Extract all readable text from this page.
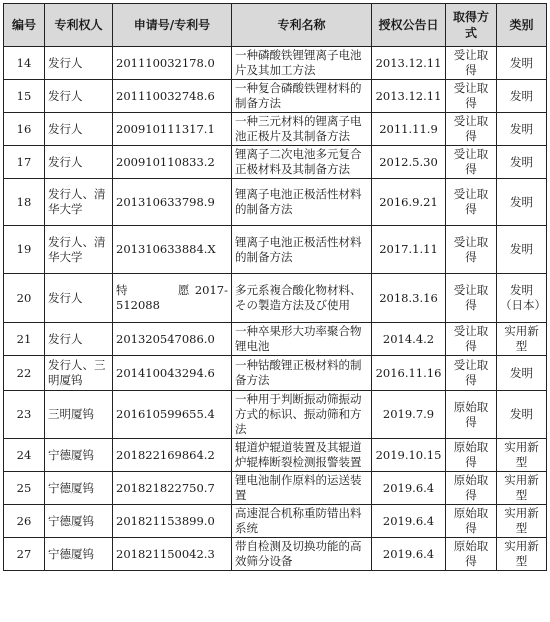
编号	专利权人	申请号/专利号	专利名称	授权公告日	取得方式	类别
14	发行人	201110032178.0	一种磷酸铁锂锂离子电池片及其加工方法	2013.12.11	受让取得	发明
15	发行人	201110032748.6	一种复合磷酸铁锂材料的制备方法	2013.12.11	受让取得	发明
16	发行人	200910111317.1	一种三元材料的锂离子电池正极片及其制备方法	2011.11.9	受让取得	发明
17	发行人	200910110833.2	锂离子二次电池多元复合正极材料及其制备方法	2012.5.30	受让取得	发明
18	发行人、清华大学	201310633798.9	锂离子电池正极活性材料的制备方法	2016.9.21	受让取得	发明
19	发行人、清华大学	201310633884.X	锂离子电池正极活性材料的制备方法	2017.1.11	受让取得	发明
20	发行人	特　　　　愿 2017-512088	多元系複合酸化物材料、その製造方法及び使用	2018.3.16	受让取得	发明（日本）
21	发行人	201320547086.0	一种卒果形大功率聚合物锂电池	2014.4.2	受让取得	实用新型
22	发行人、三明厦钨	201410043294.6	一种钴酸锂正极材料的制备方法	2016.11.16	受让取得	发明
23	三明厦钨	201610599655.4	一种用于判断振动筛振动方式的标识、振动筛和方法	2019.7.9	原始取得	发明
24	宁德厦钨	201822169864.2	辊道炉辊道装置及其辊道炉辊棒断裂检测报警装置	2019.10.15	原始取得	实用新型
25	宁德厦钨	201821822750.7	锂电池制作原料的运送装置	2019.6.4	原始取得	实用新型
26	宁德厦钨	201821153899.0	高速混合机称重防错出料系统	2019.6.4	原始取得	实用新型
27	宁德厦钨	201821150042.3	带自检测及切换功能的高效筛分设备	2019.6.4	原始取得	实用新型
